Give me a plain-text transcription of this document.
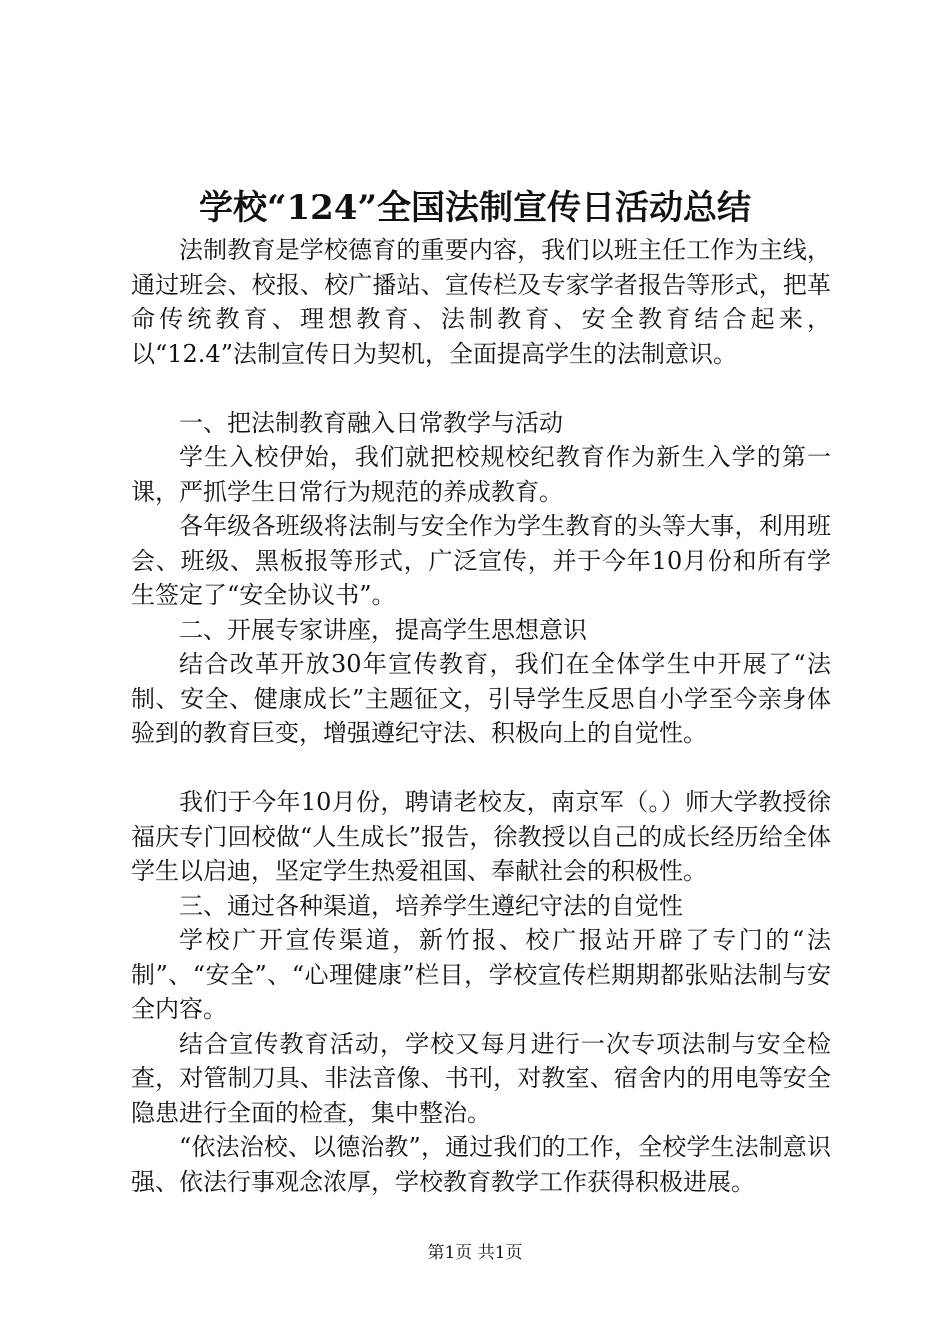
学校“124”全国法制宣传日活动总结

法制教育是学校德育的重要内容，我们以班主任工作为主线，通过班会、校报、校广播站、宣传栏及专家学者报告等形式，把革命传统教育、理想教育、法制教育、安全教育结合起来，以“12.4”法制宣传日为契机，全面提高学生的法制意识。

一、把法制教育融入日常教学与活动

学生入校伊始，我们就把校规校纪教育作为新生入学的第一课，严抓学生日常行为规范的养成教育。

各年级各班级将法制与安全作为学生教育的头等大事，利用班会、班级、黑板报等形式，广泛宣传，并于今年10月份和所有学生签定了“安全协议书”。

二、开展专家讲座，提高学生思想意识

结合改革开放30年宣传教育，我们在全体学生中开展了“法制、安全、健康成长”主题征文，引导学生反思自小学至今亲身体验到的教育巨变，增强遵纪守法、积极向上的自觉性。

我们于今年10月份，聘请老校友，南京军（。）师大学教授徐福庆专门回校做“人生成长”报告，徐教授以自己的成长经历给全体学生以启迪，坚定学生热爱祖国、奉献社会的积极性。

三、通过各种渠道，培养学生遵纪守法的自觉性

学校广开宣传渠道，新竹报、校广报站开辟了专门的“法制”、“安全”、“心理健康”栏目，学校宣传栏期期都张贴法制与安全内容。

结合宣传教育活动，学校又每月进行一次专项法制与安全检查，对管制刀具、非法音像、书刊，对教室、宿舍内的用电等安全隐患进行全面的检查，集中整治。

“依法治校、以德治教”，通过我们的工作，全校学生法制意识强、依法行事观念浓厚，学校教育教学工作获得积极进展。

第1页 共1页
